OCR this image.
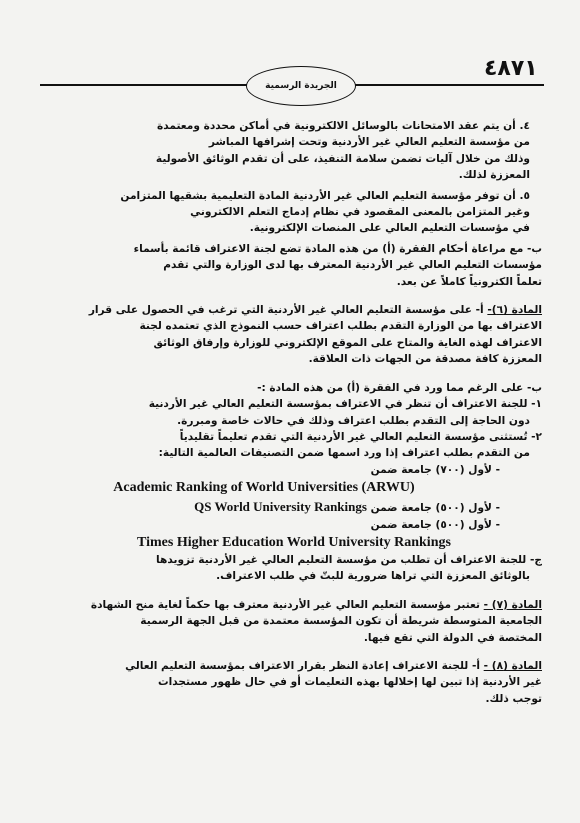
الجريدة الرسمية
٤٨٧١

٤. أن يتم عقد الامتحانات بالوسائل الالكترونية في أماكن محددة ومعتمدة

من مؤسسة التعليم العالي غير الأردنية وتحت إشرافها المباشر

وذلك من خلال آليات تضمن سلامة التنفيذ، على أن تقدم الوثائق الأصولية

المعززة لذلك.

٥. أن توفر مؤسسة التعليم العالي غير الأردنية المادة التعليمية بشقيها المتزامن

وغير المتزامن بالمعنى المقصود في نظام إدماج التعلم الالكتروني

في مؤسسات التعليم العالي على المنصات الإلكترونية.

ب- مع مراعاة أحكام الفقرة (أ) من هذه المادة تضع لجنة الاعتراف قائمة بأسماء

مؤسسات التعليم العالي غير الأردنية المعترف بها لدى الوزارة والتي تقدم

تعلماً الكترونياً كاملاً عن بعد.

المادة (٦)- أ- على مؤسسة التعليم العالي غير الأردنية التي ترغب في الحصول على قرار

الاعتراف بها من الوزارة التقدم بطلب اعتراف حسب النموذج الذي تعتمده لجنة

الاعتراف لهذه الغاية والمتاح على الموقع الإلكتروني للوزارة وإرفاق الوثائق

المعززة كافة مصدقة من الجهات ذات العلاقة.

ب- على الرغم مما ورد في الفقرة (أ) من هذه المادة :-

١- للجنة الاعتراف أن تنظر في الاعتراف بمؤسسة التعليم العالي غير الأردنية

دون الحاجة إلى التقدم بطلب اعتراف وذلك في حالات خاصة ومبررة.

٢- تُستثنى مؤسسة التعليم العالي غير الأردنية التي تقدم تعليماً تقليدياً

من التقدم بطلب اعتراف إذا ورد اسمها ضمن التصنيفات العالمية التالية:

- لأول (٧٠٠) جامعة ضمن

Academic Ranking of World Universities (ARWU)

- لأول (٥٠٠) جامعة ضمن QS World University Rankings

- لأول (٥٠٠) جامعة ضمن

Times Higher Education World University Rankings

ج- للجنة الاعتراف أن تطلب من مؤسسة التعليم العالي غير الأردنية تزويدها

بالوثائق المعززة التي تراها ضرورية للبتّ في طلب الاعتراف.

المادة (٧) - تعتبر مؤسسة التعليم العالي غير الأردنية معترف بها حكماً لغاية منح الشهادة

الجامعية المتوسطة شريطة أن تكون المؤسسة معتمدة من قبل الجهة الرسمية

المختصة في الدولة التي تقع فيها.

المادة (٨) - أ- للجنة الاعتراف إعادة النظر بقرار الاعتراف بمؤسسة التعليم العالي

غير الأردنية إذا تبين لها إخلالها بهذه التعليمات أو في حال ظهور مستجدات

توجب ذلك.
